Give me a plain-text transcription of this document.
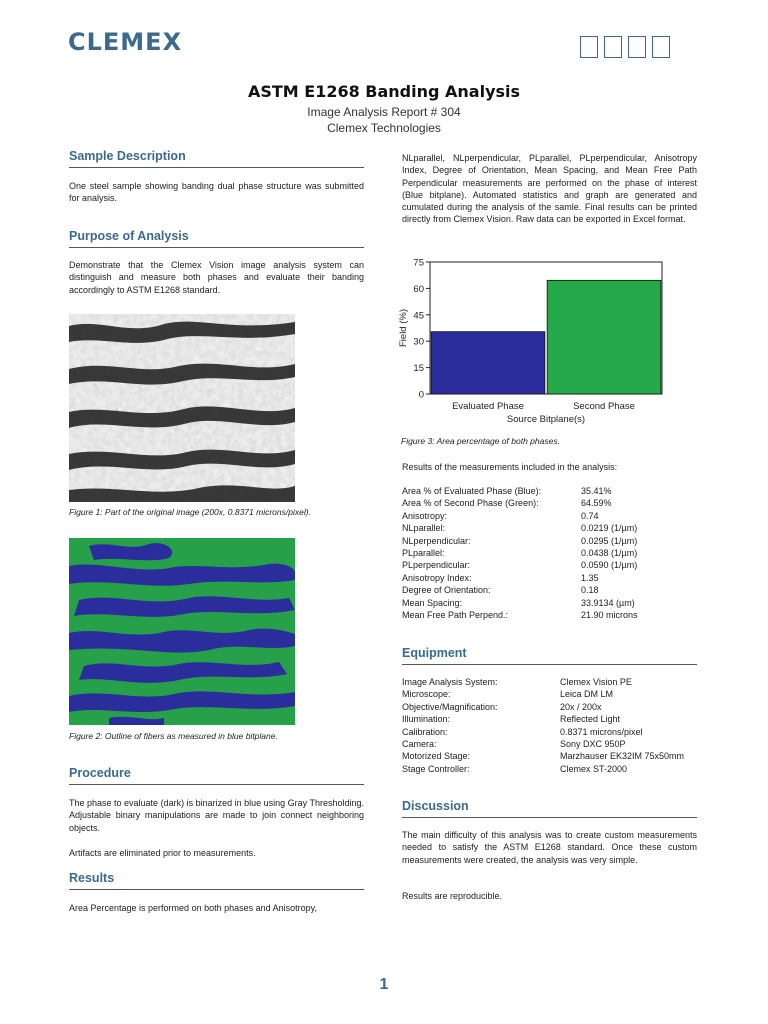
CLEMEX
ASTM E1268 Banding Analysis
Image Analysis Report # 304
Clemex Technologies
Sample Description
One steel sample showing banding dual phase structure was submitted for analysis.
Purpose of Analysis
Demonstrate that the Clemex Vision image analysis system can distinguish and measure both phases and evaluate their banding accordingly to ASTM E1268 standard.
Figure 1: Part of the original image (200x, 0.8371 microns/pixel).
Figure 2: Outline of fibers as measured in blue bitplane.
Procedure
The phase to evaluate (dark) is binarized in blue using Gray Thresholding. Adjustable binary manipulations are made to join connect neighboring objects.
Artifacts are eliminated prior to measurements.
Results
Area Percentage is performed on both phases and Anisotropy,
NLparallel, NLperpendicular, PLparallel, PLperpendicular, Anisotropy Index, Degree of Orientation, Mean Spacing, and Mean Free Path Perpendicular measurements are performed on the phase of interest (Blue bitplane). Automated statistics and graph are generated and cumulated during the analysis of the samle. Final results can be printed directly from Clemex Vision. Raw data can be exported in Excel format.
0
15
30
45
60
75
Evaluated Phase	Second Phase
Source Bitplane(s)
Field (%)
Figure 3: Area percentage of both phases.
Results of the measurements included in the analysis:
Area % of Evaluated Phase (Blue):	35.41%
Area % of Second Phase (Green):	64.59%
Anisotropy:	0.74
NLparallel:	0.0219 (1/µm)
NLperpendicular:	0.0295 (1/µm)
PLparallel:	0.0438 (1/µm)
PLperpendicular:	0.0590 (1/µm)
Anisotropy Index:	1.35
Degree of Orientation:	0.18
Mean Spacing:	33.9134 (µm)
Mean Free Path Perpend.:	21.90 microns
Equipment
Image Analysis System:	Clemex Vision PE
Microscope:	Leica DM LM
Objective/Magnification:	20x / 200x
Illumination:	Reflected Light
Calibration:	0.8371 microns/pixel
Camera:	Sony DXC 950P
Motorized Stage:	Marzhauser EK32IM 75x50mm
Stage Controller:	Clemex ST-2000
Discussion
The main difficulty of this analysis was to create custom measurements needed to satisfy the ASTM E1268 standard. Once these custom measurements were created, the analysis was very simple.
Results are reproducible.
1
